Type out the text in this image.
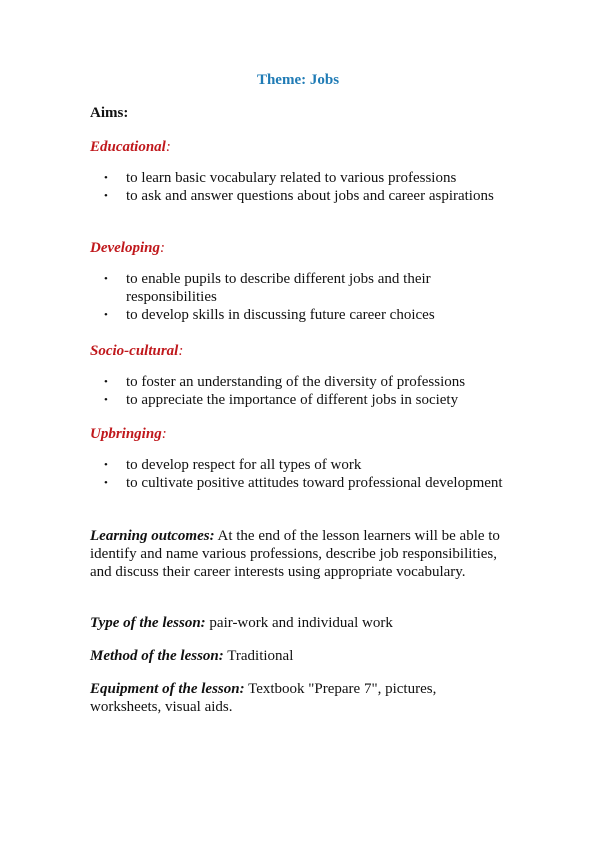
Theme: Jobs
Aims:
Educational:
• to learn basic vocabulary related to various professions
• to ask and answer questions about jobs and career aspirations
Developing:
• to enable pupils to describe different jobs and their responsibilities
• to develop skills in discussing future career choices
Socio-cultural:
• to foster an understanding of the diversity of professions
• to appreciate the importance of different jobs in society
Upbringing:
• to develop respect for all types of work
• to cultivate positive attitudes toward professional development
Learning outcomes: At the end of the lesson learners will be able to identify and name various professions, describe job responsibilities, and discuss their career interests using appropriate vocabulary.
Type of the lesson: pair-work and individual work
Method of the lesson: Traditional
Equipment of the lesson: Textbook "Prepare 7", pictures, worksheets, visual aids.
